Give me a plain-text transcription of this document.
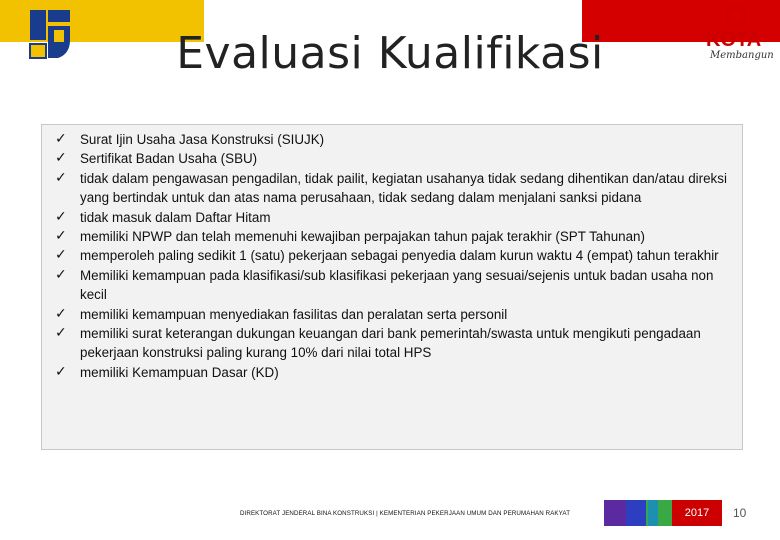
KOTA
Membangun
Evaluasi Kualifikasi
✓ Surat Ijin Usaha Jasa Konstruksi (SIUJK)
✓ Sertifikat Badan Usaha (SBU)
✓ tidak dalam pengawasan pengadilan, tidak pailit, kegiatan usahanya tidak sedang dihentikan dan/atau direksi yang bertindak untuk dan atas nama perusahaan, tidak sedang dalam menjalani sanksi pidana
✓ tidak masuk dalam Daftar Hitam
✓ memiliki NPWP dan telah memenuhi kewajiban perpajakan tahun pajak terakhir (SPT Tahunan)
✓ memperoleh paling sedikit 1 (satu) pekerjaan sebagai penyedia dalam kurun waktu 4 (empat) tahun terakhir
✓ Memiliki kemampuan pada klasifikasi/sub klasifikasi pekerjaan yang sesuai/sejenis untuk badan usaha non kecil
✓ memiliki kemampuan menyediakan fasilitas dan peralatan serta personil
✓ memiliki surat keterangan dukungan keuangan dari bank pemerintah/swasta untuk mengikuti pengadaan pekerjaan konstruksi paling kurang 10% dari nilai total HPS
✓ memiliki Kemampuan Dasar (KD)
DIREKTORAT JENDERAL BINA KONSTRUKSI | KEMENTERIAN PEKERJAAN UMUM DAN PERUMAHAN RAKYAT	2017	10
